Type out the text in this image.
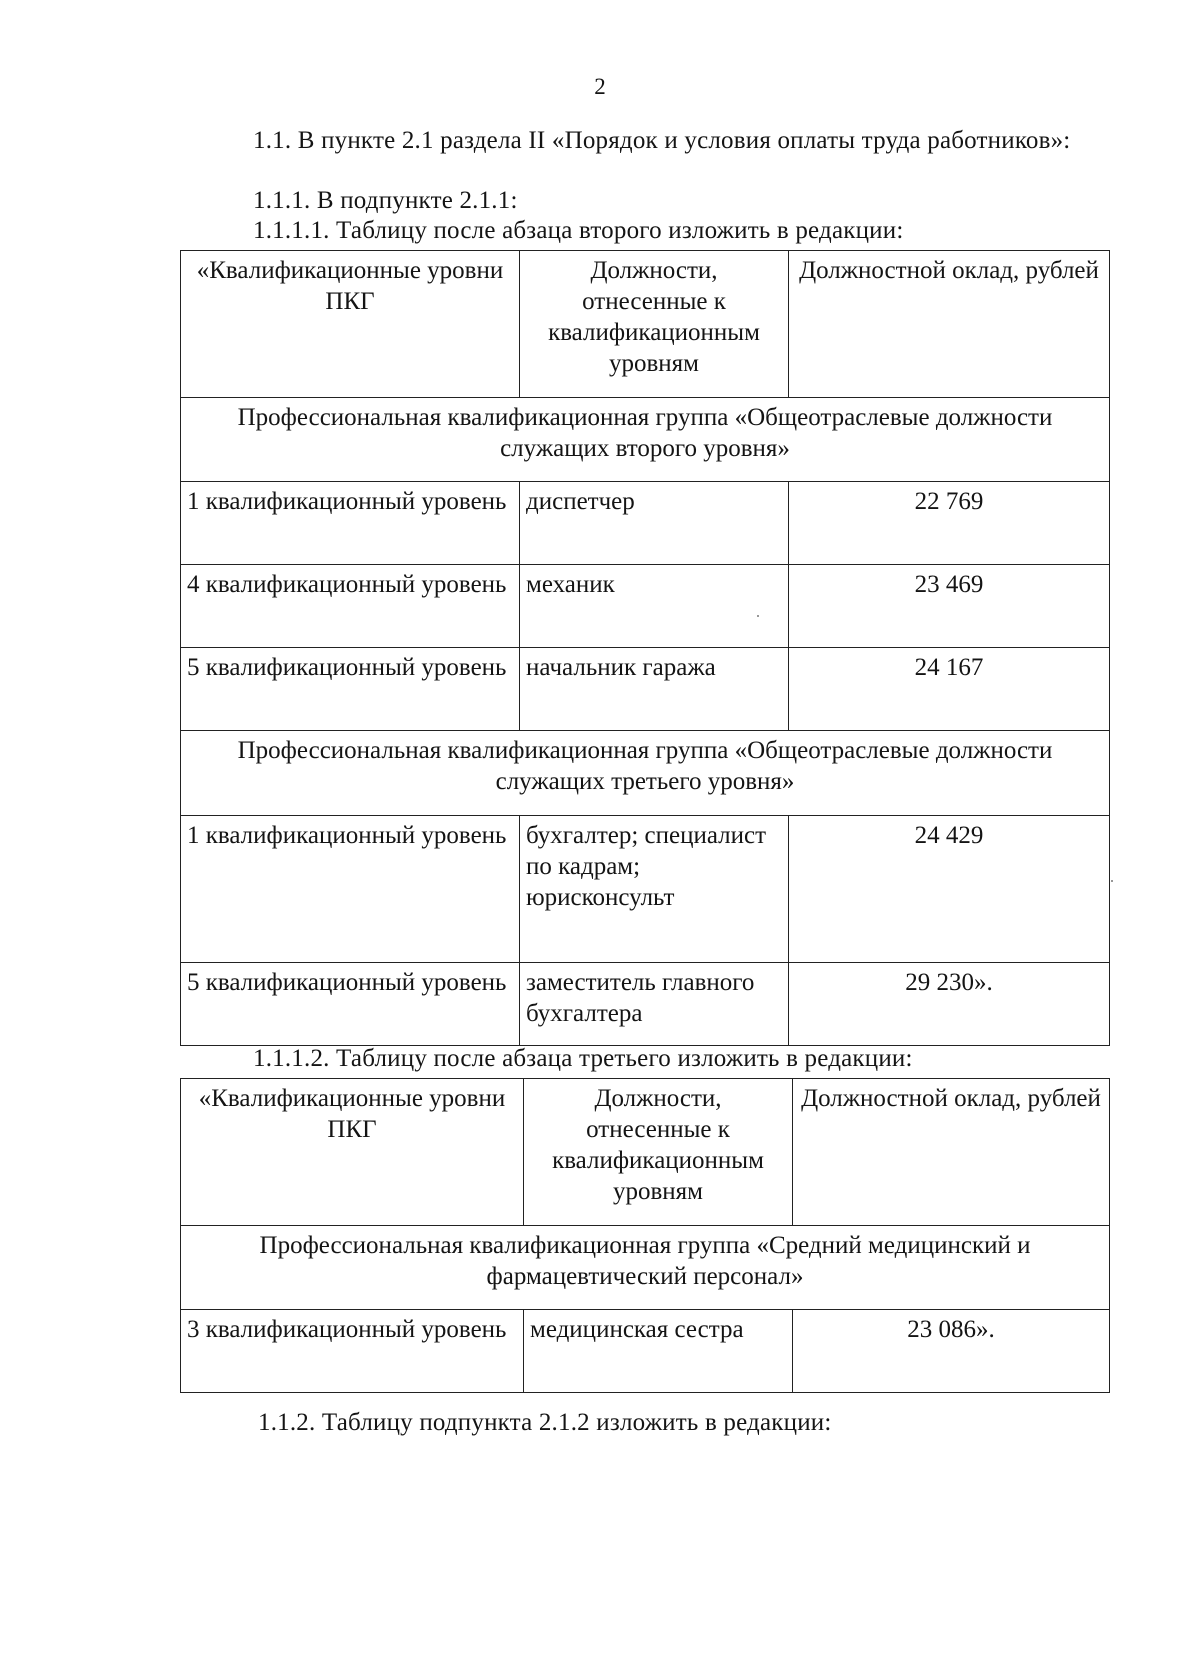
2
1.1. В пункте 2.1 раздела II «Порядок и условия оплаты труда работников»:
1.1.1. В подпункте 2.1.1:
1.1.1.1. Таблицу после абзаца второго изложить в редакции:
«Квалификационные уровни ПКГ	Должности, отнесенные к квалификационным уровням	Должностной оклад, рублей
Профессиональная квалификационная группа «Общеотраслевые должности служащих второго уровня»		
1 квалификационный уровень	диспетчер	22 769
4 квалификационный уровень	механик	23 469
5 квалификационный уровень	начальник гаража	24 167
Профессиональная квалификационная группа «Общеотраслевые должности служащих третьего уровня»		
1 квалификационный уровень	бухгалтер; специалист по кадрам; юрисконсульт	24 429
5 квалификационный уровень	заместитель главного бухгалтера	29 230».
1.1.1.2. Таблицу после абзаца третьего изложить в редакции:
«Квалификационные уровни ПКГ	Должности, отнесенные к квалификационным уровням	Должностной оклад, рублей
Профессиональная квалификационная группа «Средний медицинский и фармацевтический персонал»		
3 квалификационный уровень	медицинская сестра	23 086».
1.1.2. Таблицу подпункта 2.1.2 изложить в редакции:
